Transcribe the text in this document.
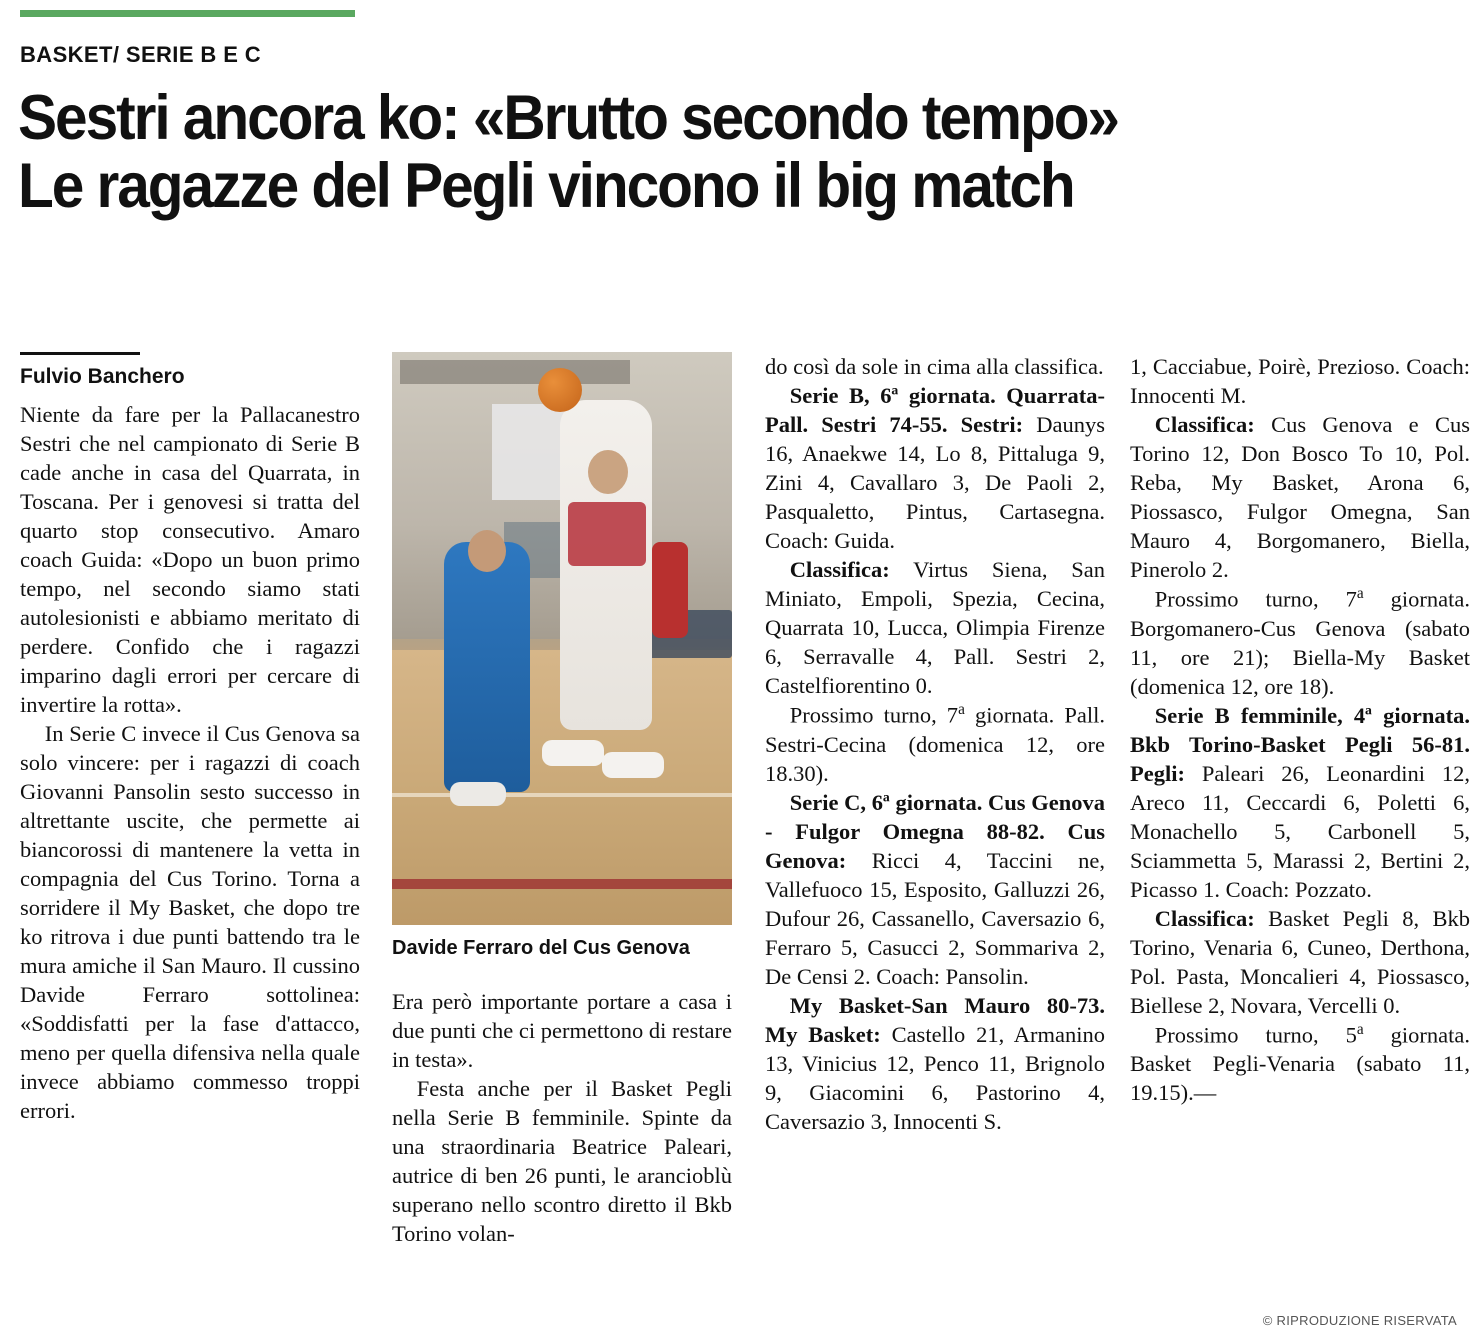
BASKET/ SERIE B E C
Sestri ancora ko: «Brutto secondo tempo»
Le ragazze del Pegli vincono il big match
Fulvio Banchero

Niente da fare per la Pallacanestro Sestri che nel campionato di Serie B cade anche in casa del Quarrata, in Toscana. Per i genovesi si tratta del quarto stop consecutivo. Amaro coach Guida: «Dopo un buon primo tempo, nel secondo siamo stati autolesionisti e abbiamo meritato di perdere. Confido che i ragazzi imparino dagli errori per cercare di invertire la rotta».

In Serie C invece il Cus Genova sa solo vincere: per i ragazzi di coach Giovanni Pansolin sesto successo in altrettante uscite, che permette ai biancorossi di mantenere la vetta in compagnia del Cus Torino. Torna a sorridere il My Basket, che dopo tre ko ritrova i due punti battendo tra le mura amiche il San Mauro. Il cussino Davide Ferraro sottolinea: «Soddisfatti per la fase d'attacco, meno per quella difensiva nella quale invece abbiamo commesso troppi errori.

Davide Ferraro del Cus Genova

Era però importante portare a casa i due punti che ci permettono di restare in testa».

Festa anche per il Basket Pegli nella Serie B femminile. Spinte da una straordinaria Beatrice Paleari, autrice di ben 26 punti, le arancioblù superano nello scontro diretto il Bkb Torino volan-

do così da sole in cima alla classifica.

Serie B, 6ª giornata. Quarrata-Pall. Sestri 74-55. Sestri: Daunys 16, Anaekwe 14, Lo 8, Pittaluga 9, Zini 4, Cavallaro 3, De Paoli 2, Pasqualetto, Pintus, Cartasegna. Coach: Guida.

Classifica: Virtus Siena, San Miniato, Empoli, Spezia, Cecina, Quarrata 10, Lucca, Olimpia Firenze 6, Serravalle 4, Pall. Sestri 2, Castelfiorentino 0.

Prossimo turno, 7$^a$ giornata. Pall. Sestri-Cecina (domenica 12, ore 18.30).

Serie C, 6ª giornata. Cus Genova - Fulgor Omegna 88-82. Cus Genova: Ricci 4, Taccini ne, Vallefuoco 15, Esposito, Galluzzi 26, Dufour 26, Cassanello, Caversazio 6, Ferraro 5, Casucci 2, Sommariva 2, De Censi 2. Coach: Pansolin.

My Basket-San Mauro 80-73. My Basket: Castello 21, Armanino 13, Vinicius 12, Penco 11, Brignolo 9, Giacomini 6, Pastorino 4, Caversazio 3, Innocenti S.

1, Cacciabue, Poirè, Prezioso. Coach: Innocenti M.

Classifica: Cus Genova e Cus Torino 12, Don Bosco To 10, Pol. Reba, My Basket, Arona 6, Piossasco, Fulgor Omegna, San Mauro 4, Borgomanero, Biella, Pinerolo 2.

Prossimo turno, 7$^a$ giornata. Borgomanero-Cus Genova (sabato 11, ore 21); Biella-My Basket (domenica 12, ore 18).

Serie B femminile, 4ª giornata. Bkb Torino-Basket Pegli 56-81. Pegli: Paleari 26, Leonardini 12, Areco 11, Ceccardi 6, Poletti 6, Monachello 5, Carbonell 5, Sciammetta 5, Marassi 2, Bertini 2, Picasso 1. Coach: Pozzato.

Classifica: Basket Pegli 8, Bkb Torino, Venaria 6, Cuneo, Derthona, Pol. Pasta, Moncalieri 4, Piossasco, Biellese 2, Novara, Vercelli 0.

Prossimo turno, 5$^a$ giornata. Basket Pegli-Venaria (sabato 11, 19.15).—

© RIPRODUZIONE RISERVATA
